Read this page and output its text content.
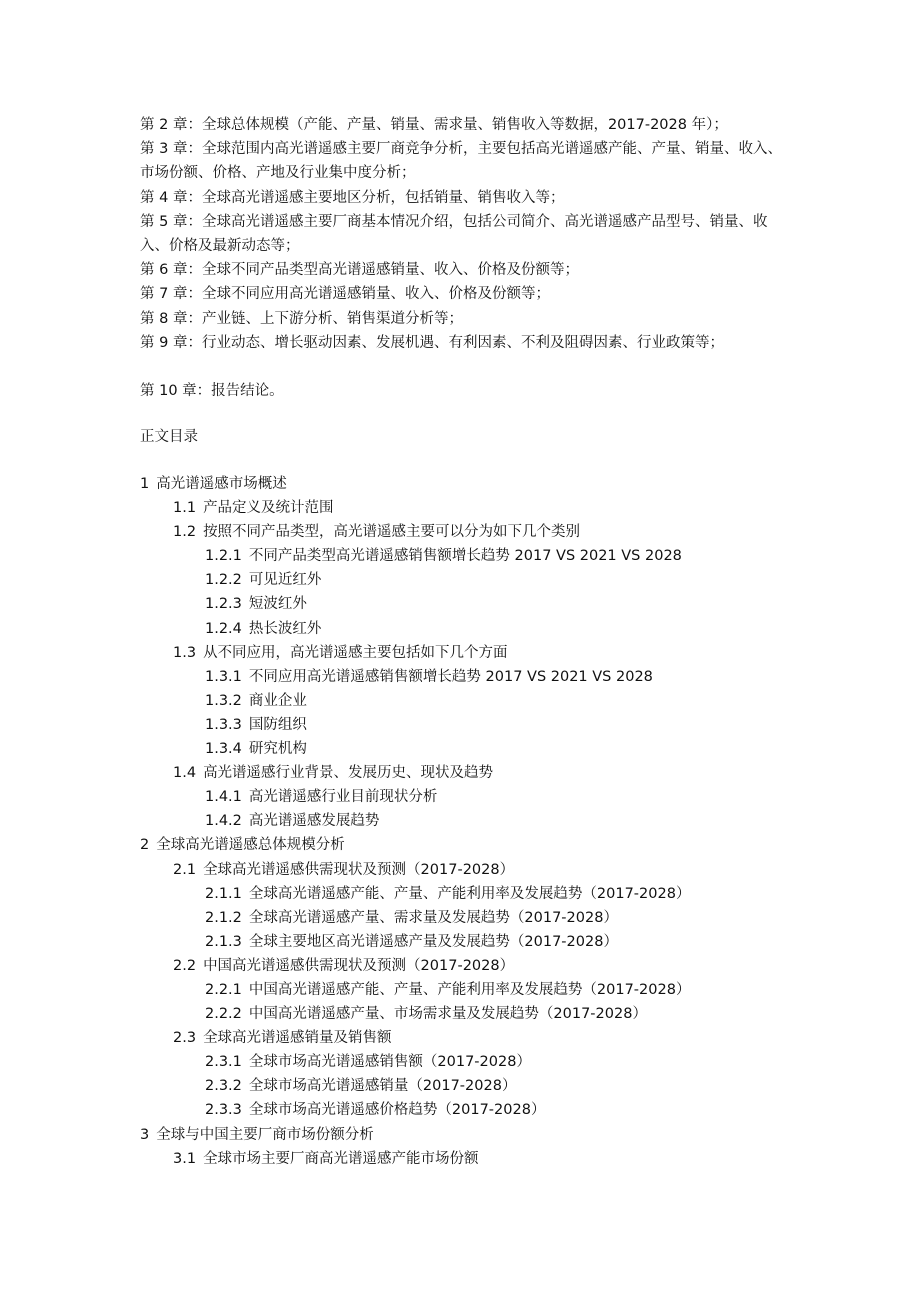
第 2 章：全球总体规模（产能、产量、销量、需求量、销售收入等数据，2017-2028 年）；

第 3 章：全球范围内高光谱遥感主要厂商竞争分析，主要包括高光谱遥感产能、产量、销量、收入、市场份额、价格、产地及行业集中度分析；

第 4 章：全球高光谱遥感主要地区分析，包括销量、销售收入等；

第 5 章：全球高光谱遥感主要厂商基本情况介绍，包括公司简介、高光谱遥感产品型号、销量、收入、价格及最新动态等；

第 6 章：全球不同产品类型高光谱遥感销量、收入、价格及份额等；

第 7 章：全球不同应用高光谱遥感销量、收入、价格及份额等；

第 8 章：产业链、上下游分析、销售渠道分析等；

第 9 章：行业动态、增长驱动因素、发展机遇、有利因素、不利及阻碍因素、行业政策等；

第 10 章：报告结论。

正文目录
1 高光谱遥感市场概述
1.1 产品定义及统计范围
1.2 按照不同产品类型，高光谱遥感主要可以分为如下几个类别
1.2.1 不同产品类型高光谱遥感销售额增长趋势 2017 VS 2021 VS 2028
1.2.2 可见近红外
1.2.3 短波红外
1.2.4 热长波红外
1.3 从不同应用，高光谱遥感主要包括如下几个方面
1.3.1 不同应用高光谱遥感销售额增长趋势 2017 VS 2021 VS 2028
1.3.2 商业企业
1.3.3 国防组织
1.3.4 研究机构
1.4 高光谱遥感行业背景、发展历史、现状及趋势
1.4.1 高光谱遥感行业目前现状分析
1.4.2 高光谱遥感发展趋势
2 全球高光谱遥感总体规模分析
2.1 全球高光谱遥感供需现状及预测（2017-2028）
2.1.1 全球高光谱遥感产能、产量、产能利用率及发展趋势（2017-2028）
2.1.2 全球高光谱遥感产量、需求量及发展趋势（2017-2028）
2.1.3 全球主要地区高光谱遥感产量及发展趋势（2017-2028）
2.2 中国高光谱遥感供需现状及预测（2017-2028）
2.2.1 中国高光谱遥感产能、产量、产能利用率及发展趋势（2017-2028）
2.2.2 中国高光谱遥感产量、市场需求量及发展趋势（2017-2028）
2.3 全球高光谱遥感销量及销售额
2.3.1 全球市场高光谱遥感销售额（2017-2028）
2.3.2 全球市场高光谱遥感销量（2017-2028）
2.3.3 全球市场高光谱遥感价格趋势（2017-2028）
3 全球与中国主要厂商市场份额分析
3.1 全球市场主要厂商高光谱遥感产能市场份额
